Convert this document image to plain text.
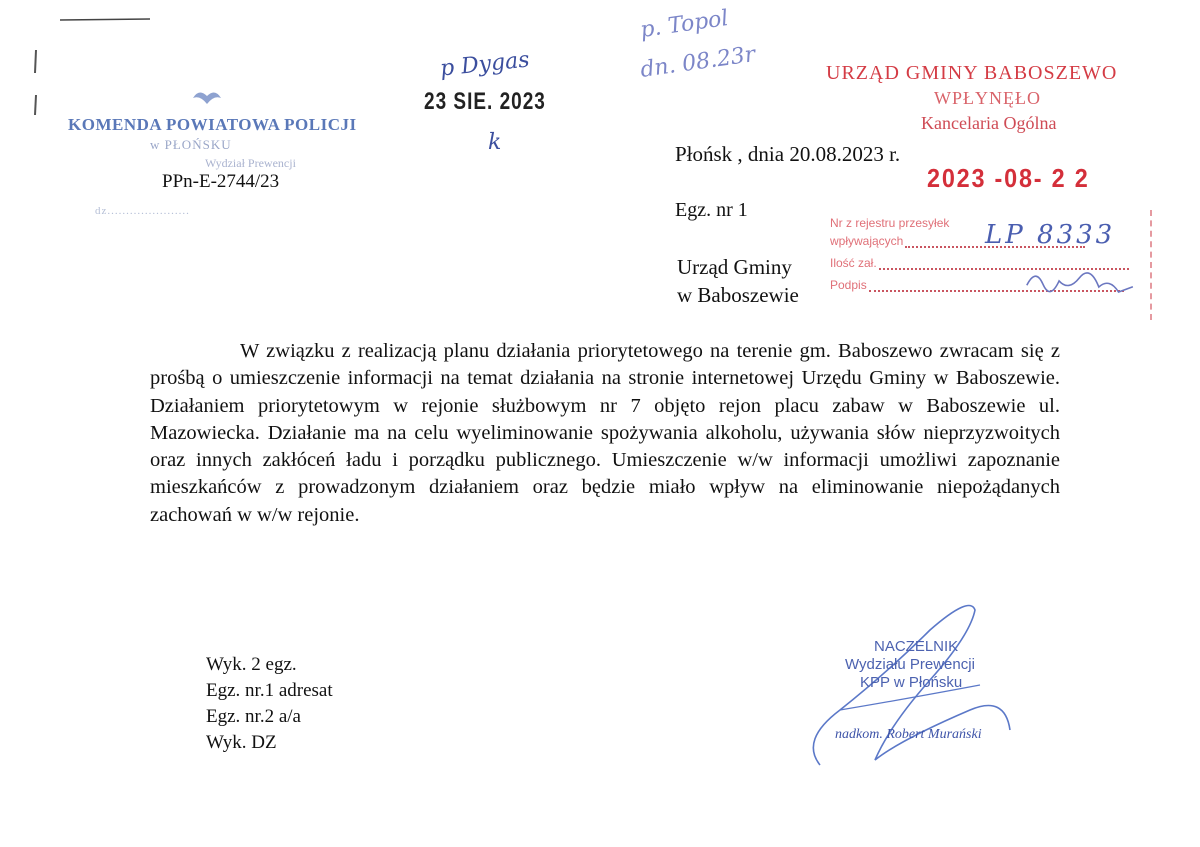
KOMENDA POWIATOWA POLICJI
w PŁOŃSKU
Wydział Prewencji
PPn-E-2744/23
dz......................
p Dygas
23 SIE. 2023
k
p. Topol
dn. 08.23r
Płońsk , dnia 20.08.2023 r.
Egz. nr 1
Urząd Gminy
w Baboszewie
URZĄD GMINY BABOSZEWO
WPŁYNĘŁO
Kancelaria Ogólna
2023 -08- 2 2
Nr z rejestru przesyłek
wpływających
Ilość zał.
Podpis
LP 8333
W związku z realizacją planu działania priorytetowego na terenie gm. Baboszewo zwracam się z prośbą o umieszczenie informacji na temat działania na stronie internetowej Urzędu Gminy w Baboszewie. Działaniem priorytetowym w rejonie służbowym nr 7 objęto rejon placu zabaw w Baboszewie ul. Mazowiecka. Działanie ma na celu wyeliminowanie spożywania alkoholu, używania słów nieprzyzwoitych oraz innych zakłóceń ładu i porządku publicznego. Umieszczenie w/w informacji umożliwi zapoznanie mieszkańców z prowadzonym działaniem oraz będzie miało wpływ na eliminowanie niepożądanych zachowań w w/w rejonie.
Wyk. 2 egz.
Egz. nr.1 adresat
Egz. nr.2 a/a
Wyk. DZ
NACZELNIK
Wydziału Prewencji
KPP w Płońsku
nadkom. Robert Murański
